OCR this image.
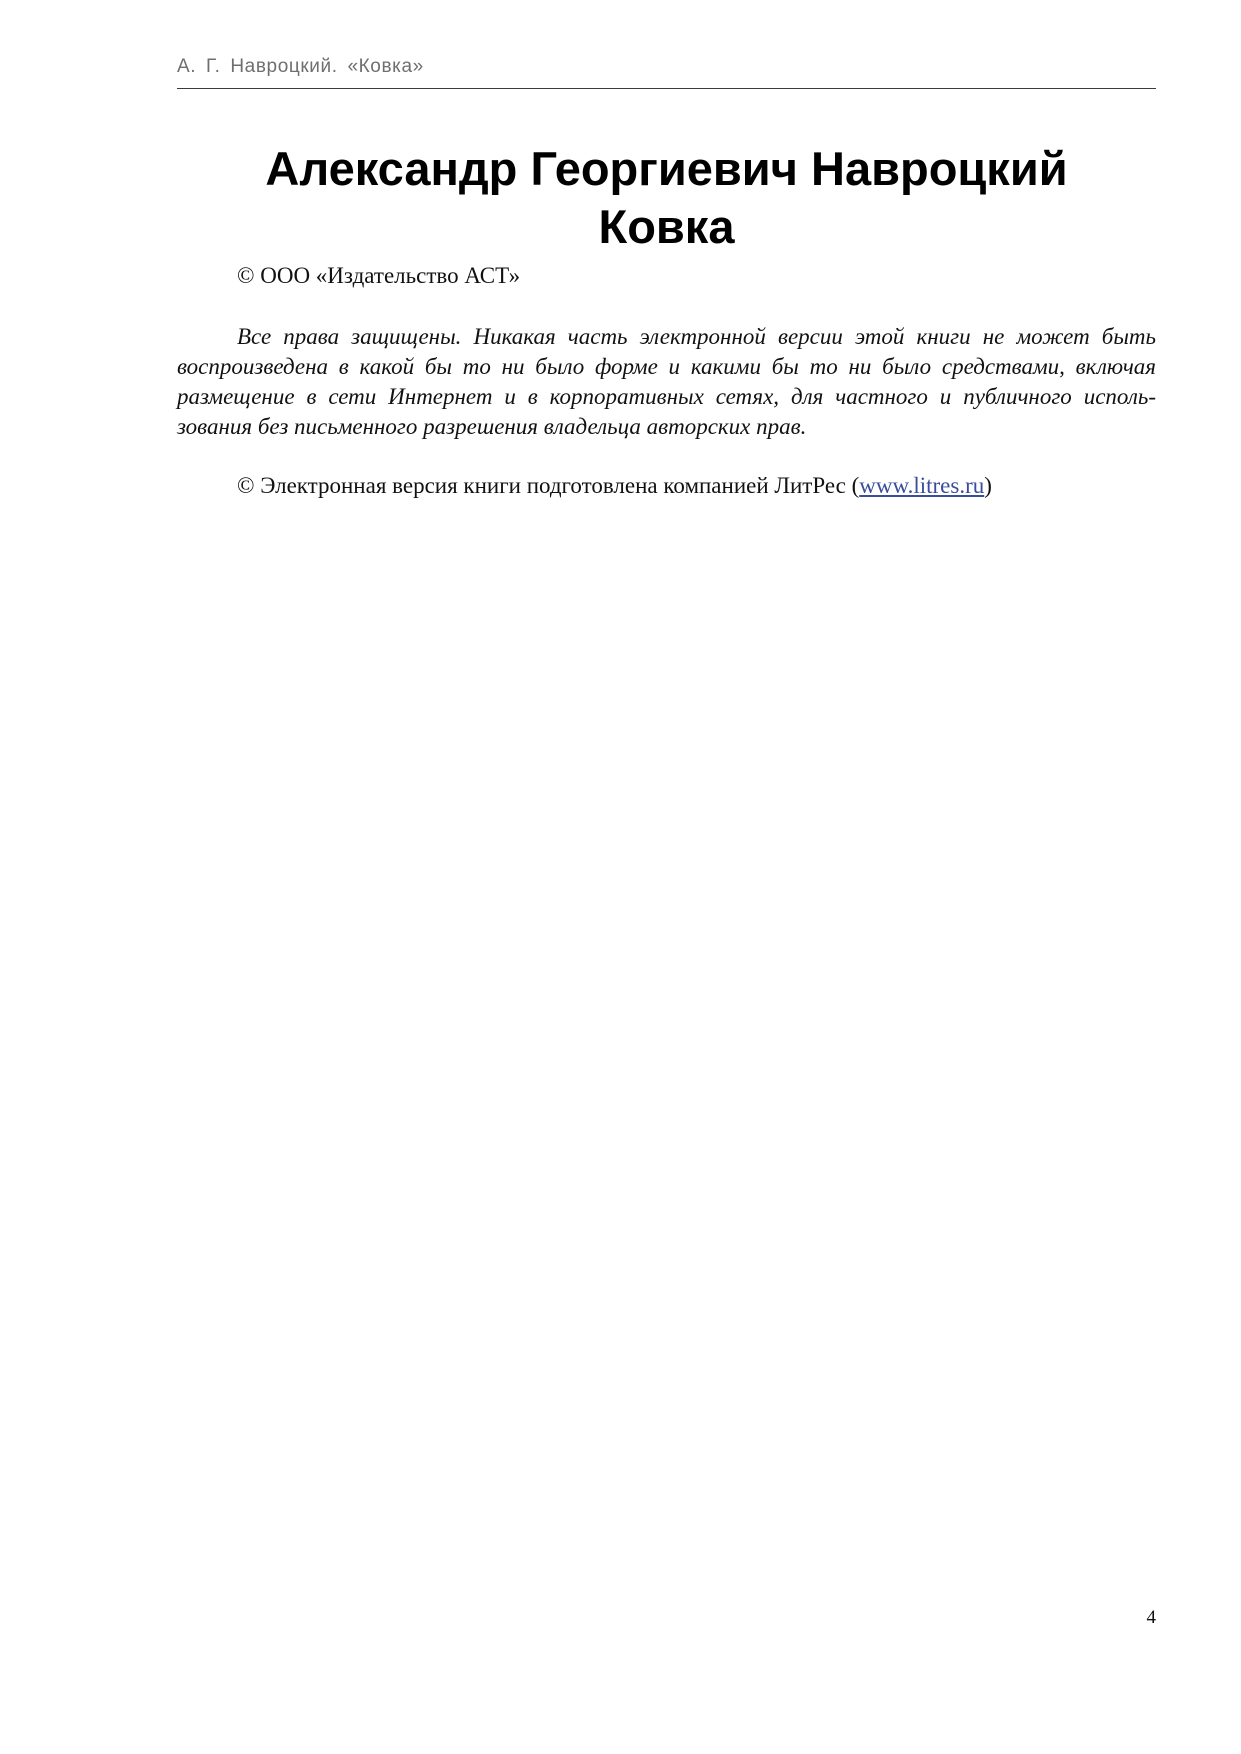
А. Г. Навроцкий. «Ковка»
Александр Георгиевич Навроцкий
Ковка
© ООО «Издательство АСТ»
Все права защищены. Никакая часть электронной версии этой книги не может быть
воспроизведена в какой бы то ни было форме и какими бы то ни было средствами, включая
размещение в сети Интернет и в корпоративных сетях, для частного и публичного исполь-
зования без письменного разрешения владельца авторских прав.
© Электронная версия книги подготовлена компанией ЛитРес (www.litres.ru)
4
